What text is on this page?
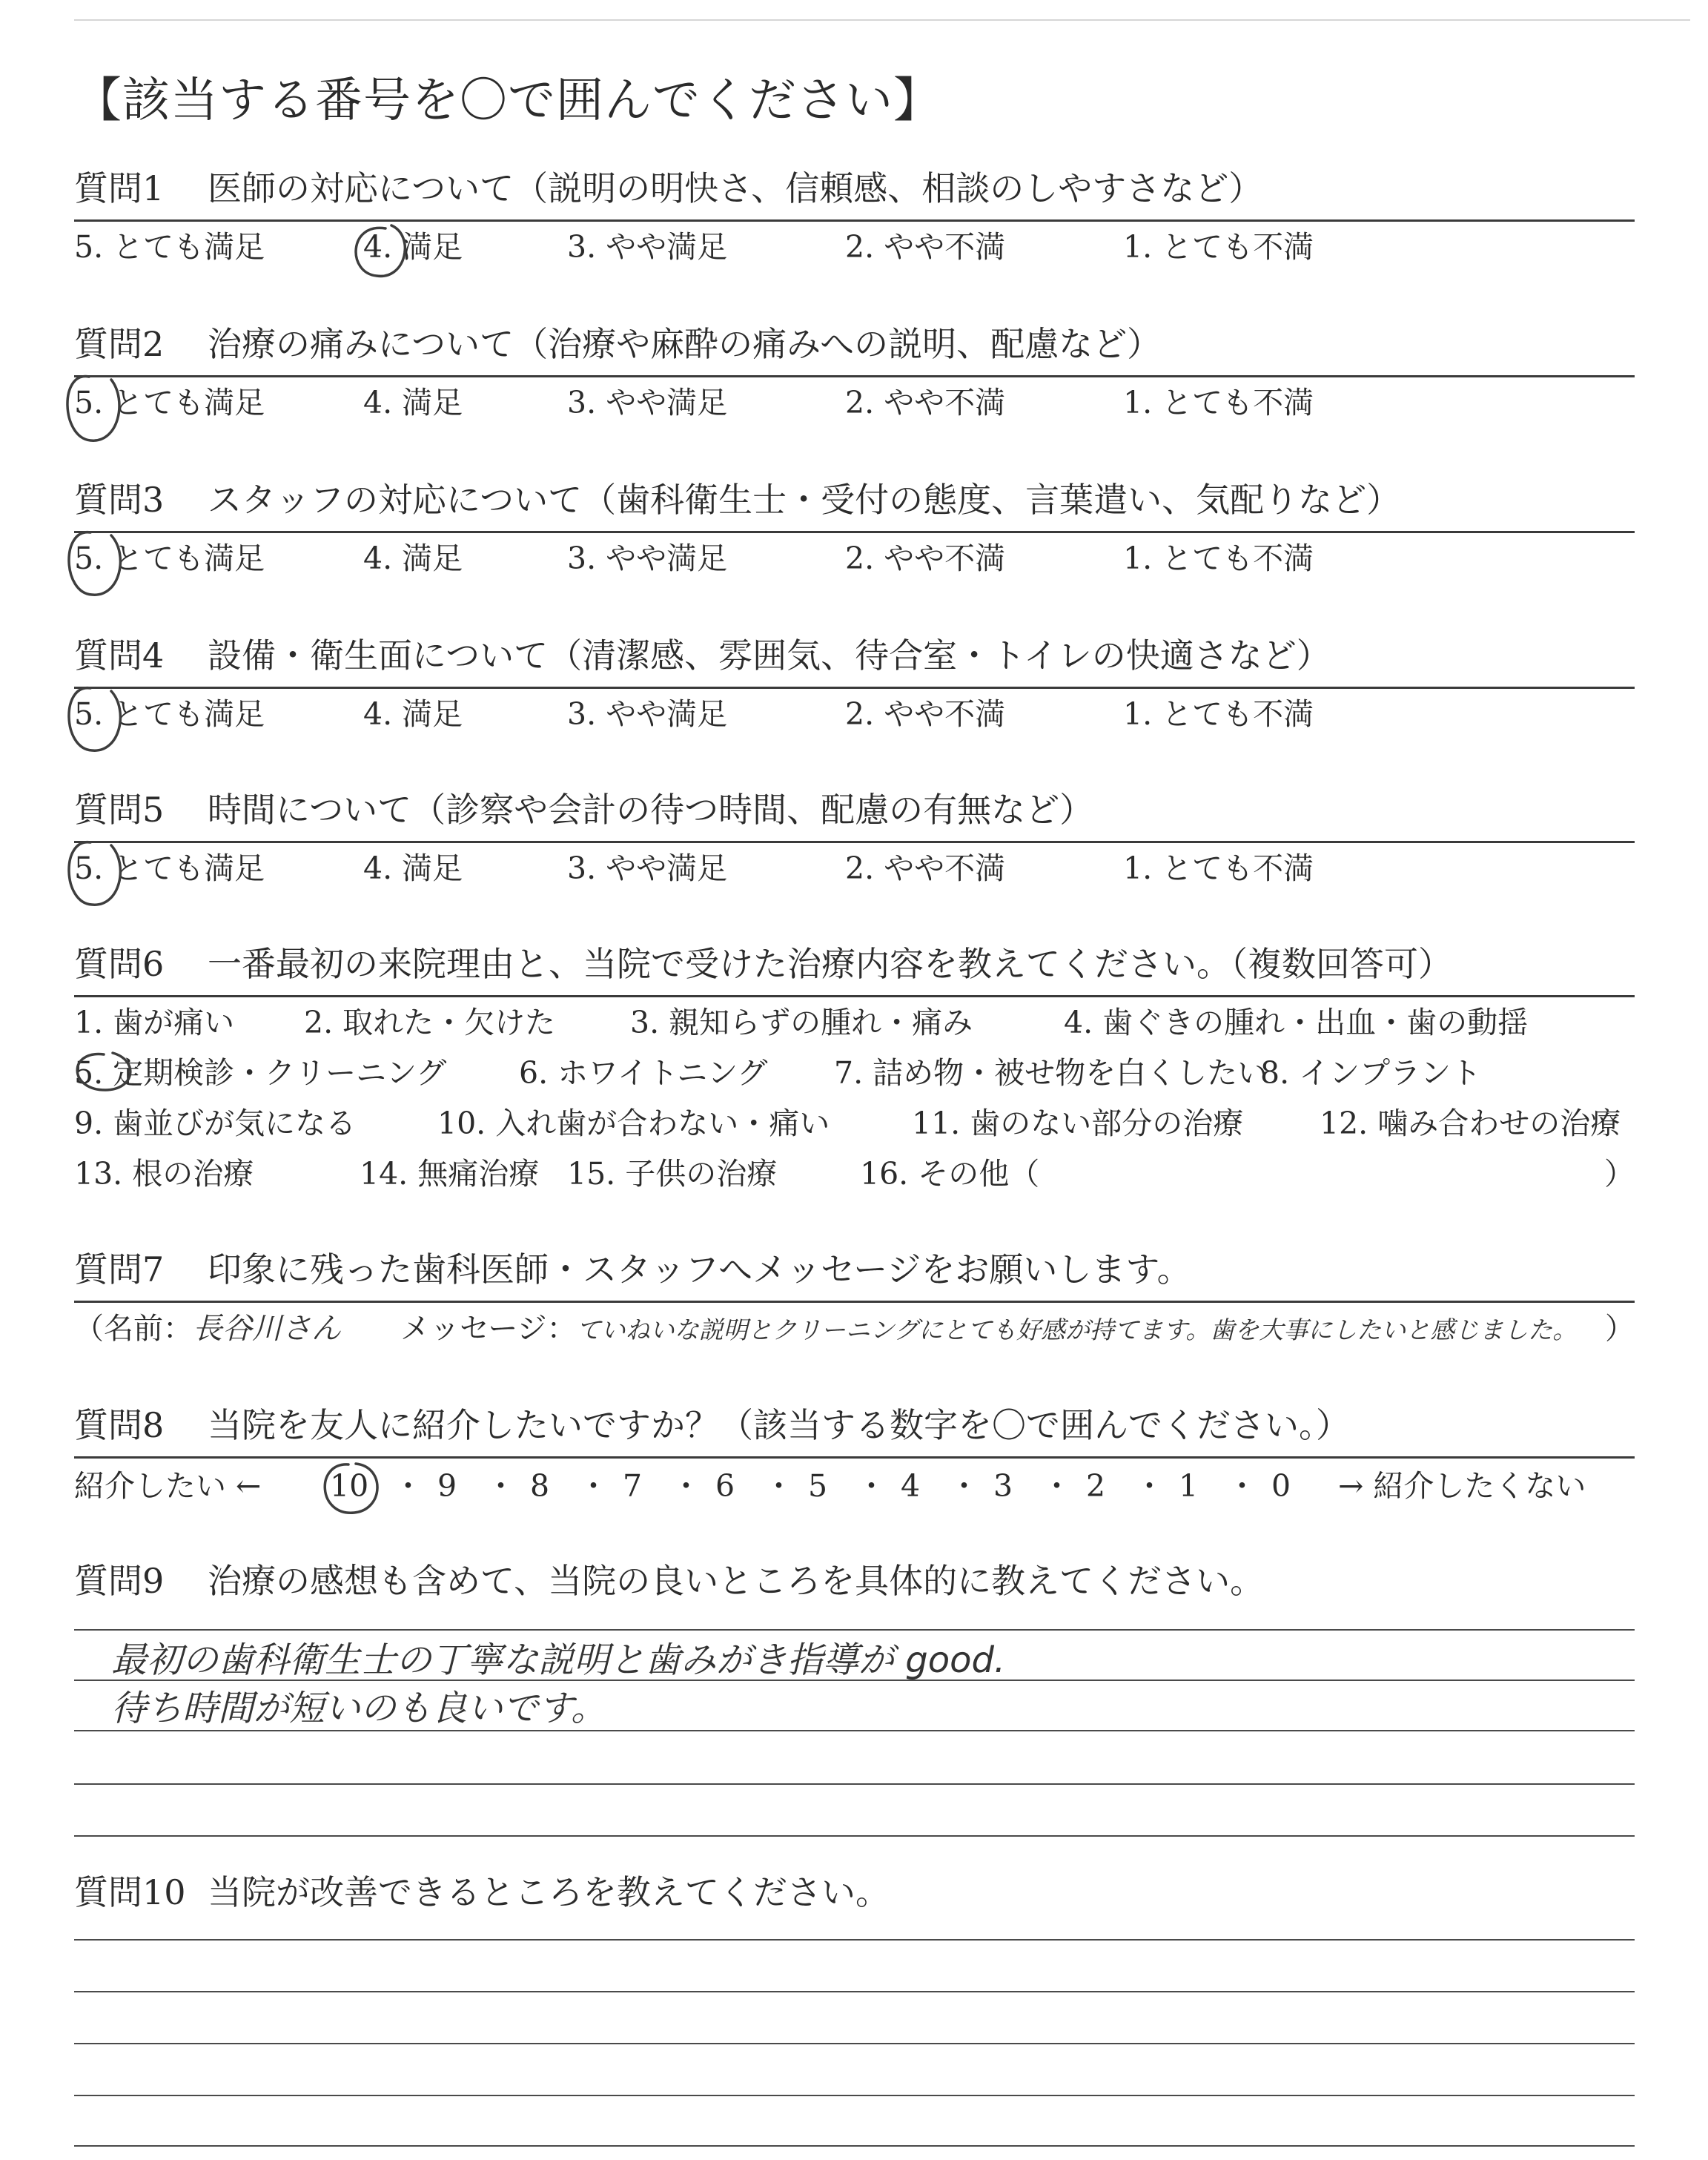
【該当する番号を〇で囲んでください】
質問1 医師の対応について（説明の明快さ、信頼感、相談のしやすさなど）
5. とても満足	4. 満足	3. やや満足	2. やや不満	1. とても不満
質問2 治療の痛みについて（治療や麻酔の痛みへの説明、配慮など）
5. とても満足	4. 満足	3. やや満足	2. やや不満	1. とても不満
質問3 スタッフの対応について（歯科衛生士・受付の態度、言葉遣い、気配りなど）
5. とても満足	4. 満足	3. やや満足	2. やや不満	1. とても不満
質問4 設備・衛生面について（清潔感、雰囲気、待合室・トイレの快適さなど）
5. とても満足	4. 満足	3. やや満足	2. やや不満	1. とても不満
質問5 時間について（診察や会計の待つ時間、配慮の有無など）
5. とても満足	4. 満足	3. やや満足	2. やや不満	1. とても不満
質問6 一番最初の来院理由と、当院で受けた治療内容を教えてください。（複数回答可）
1. 歯が痛い 2. 取れた・欠けた 3. 親知らずの腫れ・痛み	4. 歯ぐきの腫れ・出血・歯の動揺
5. 定期検診・クリーニング 6. ホワイトニング 7. 詰め物・被せ物を白くしたい
8. インプラント
9. 歯並びが気になる	10. 入れ歯が合わない・痛い	11. 歯のない部分の治療	12. 噛み合わせの治療
13. 根の治療	14. 無痛治療 15. 子供の治療	16. その他（	）
質問7 印象に残った歯科医師・スタッフへメッセージをお願いします。
（名前：長谷川さん メッセージ：ていねいな説明とクリーニングにとても好感が持てます。歯を大事にしたいと感じました。 ）
質問8 当院を友人に紹介したいですか？（該当する数字を〇で囲んでください。）
紹介したい ← 10 ・ 9 ・ 8 ・ 7 ・ 6 ・ 5 ・ 4 ・ 3 ・ 2 ・ 1 ・ 0 → 紹介したくない
質問9 治療の感想も含めて、当院の良いところを具体的に教えてください。
最初の歯科衛生士の丁寧な説明と歯みがき指導が good.
待ち時間が短いのも良いです。
質問10 当院が改善できるところを教えてください。
